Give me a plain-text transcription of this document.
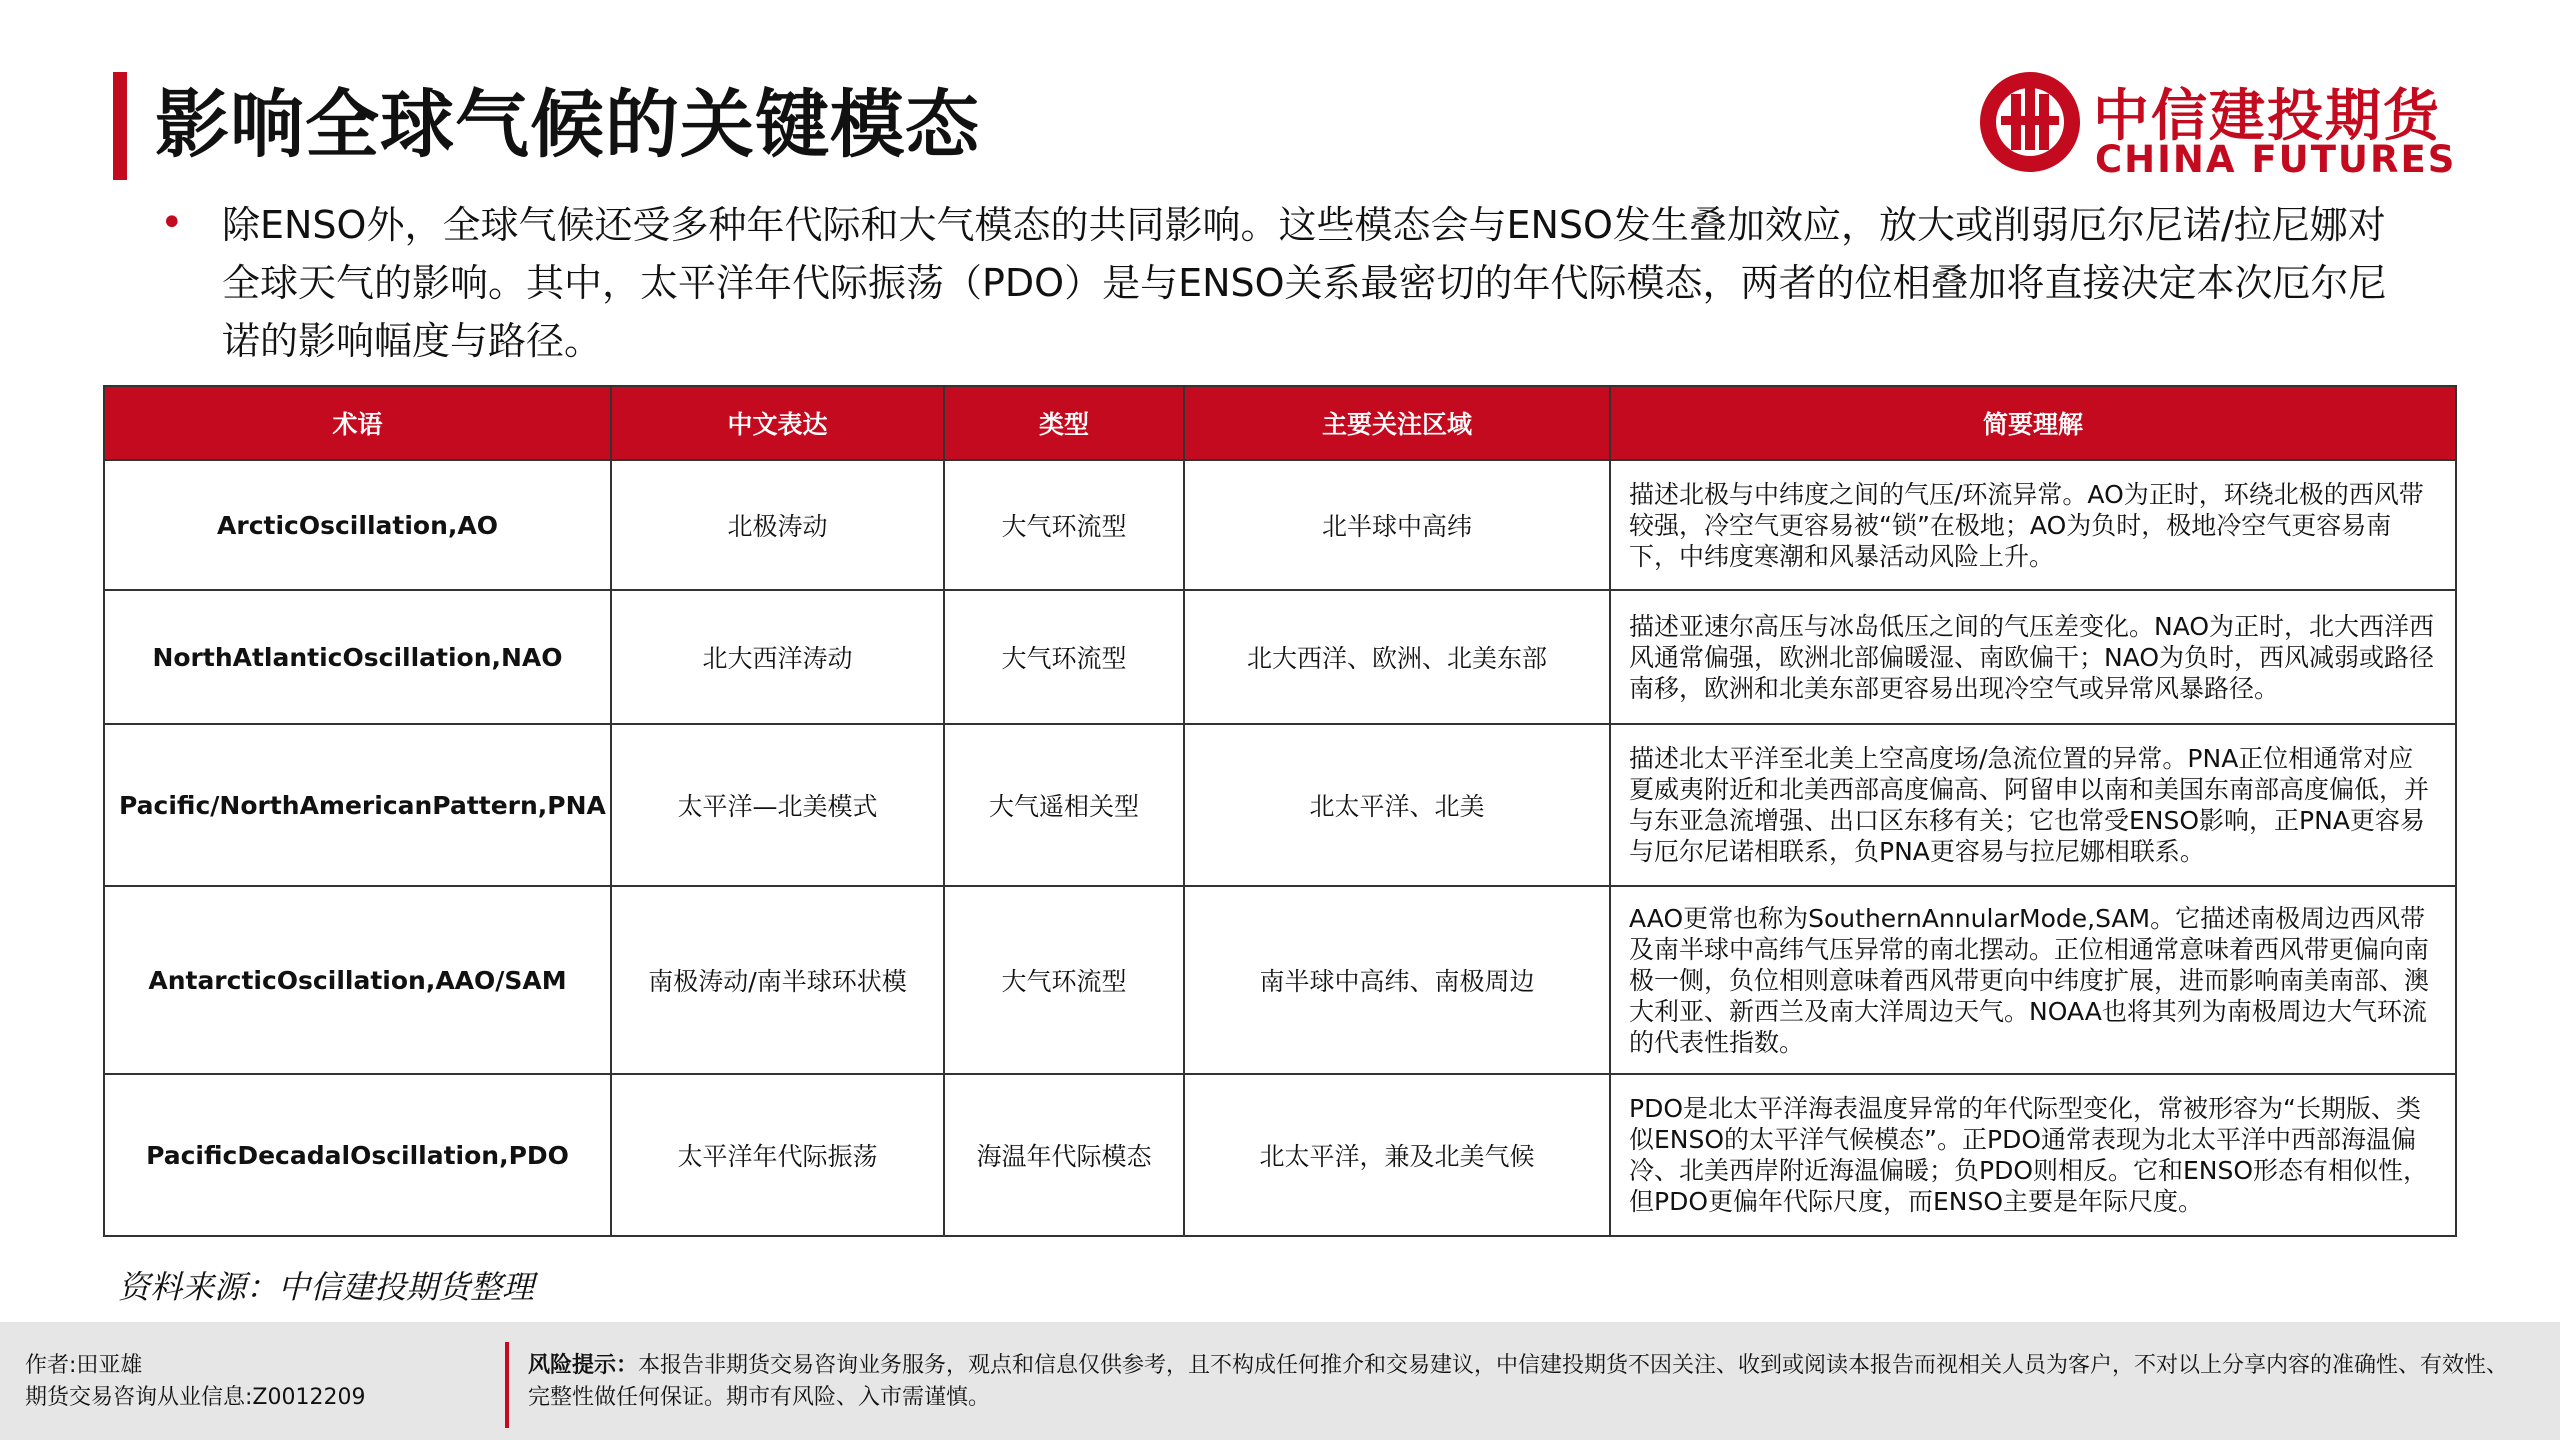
影响全球气候的关键模态	中信建投期货
CHINA FUTURES
• 除ENSO外，全球气候还受多种年代际和大气模态的共同影响。这些模态会与ENSO发生叠加效应，放大或削弱厄尔尼诺/拉尼娜对全球天气的影响。其中，太平洋年代际振荡（PDO）是与ENSO关系最密切的年代际模态，两者的位相叠加将直接决定本次厄尔尼诺的影响幅度与路径。
术语	中文表达	类型	主要关注区域	简要理解
ArcticOscillation,AO	北极涛动	大气环流型	北半球中高纬	描述北极与中纬度之间的气压/环流异常。AO为正时，环绕北极的西风带较强，冷空气更容易被“锁”在极地；AO为负时，极地冷空气更容易南下，中纬度寒潮和风暴活动风险上升。
NorthAtlanticOscillation,NAO	北大西洋涛动	大气环流型	北大西洋、欧洲、北美东部	描述亚速尔高压与冰岛低压之间的气压差变化。NAO为正时，北大西洋西风通常偏强，欧洲北部偏暖湿、南欧偏干；NAO为负时，西风减弱或路径南移，欧洲和北美东部更容易出现冷空气或异常风暴路径。
Pacific/NorthAmericanPattern,PNA	太平洋—北美模式	大气遥相关型	北太平洋、北美	描述北太平洋至北美上空高度场/急流位置的异常。PNA正位相通常对应夏威夷附近和北美西部高度偏高、阿留申以南和美国东南部高度偏低，并与东亚急流增强、出口区东移有关；它也常受ENSO影响，正PNA更容易与厄尔尼诺相联系，负PNA更容易与拉尼娜相联系。
AntarcticOscillation,AAO/SAM	南极涛动/南半球环状模	大气环流型	南半球中高纬、南极周边	AAO更常也称为SouthernAnnularMode,SAM。它描述南极周边西风带及南半球中高纬气压异常的南北摆动。正位相通常意味着西风带更偏向南极一侧，负位相则意味着西风带更向中纬度扩展，进而影响南美南部、澳大利亚、新西兰及南大洋周边天气。NOAA也将其列为南极周边大气环流的代表性指数。
PacificDecadalOscillation,PDO	太平洋年代际振荡	海温年代际模态	北太平洋，兼及北美气候	PDO是北太平洋海表温度异常的年代际型变化，常被形容为“长期版、类似ENSO的太平洋气候模态”。正PDO通常表现为北太平洋中西部海温偏冷、北美西岸附近海温偏暖；负PDO则相反。它和ENSO形态有相似性，但PDO更偏年代际尺度，而ENSO主要是年际尺度。
资料来源：中信建投期货整理
作者:田亚雄
期货交易咨询从业信息:Z0012209
风险提示：本报告非期货交易咨询业务服务，观点和信息仅供参考，且不构成任何推介和交易建议，中信建投期货不因关注、收到或阅读本报告而视相关人员为客户，不对以上分享内容的准确性、有效性、完整性做任何保证。期市有风险、入市需谨慎。
